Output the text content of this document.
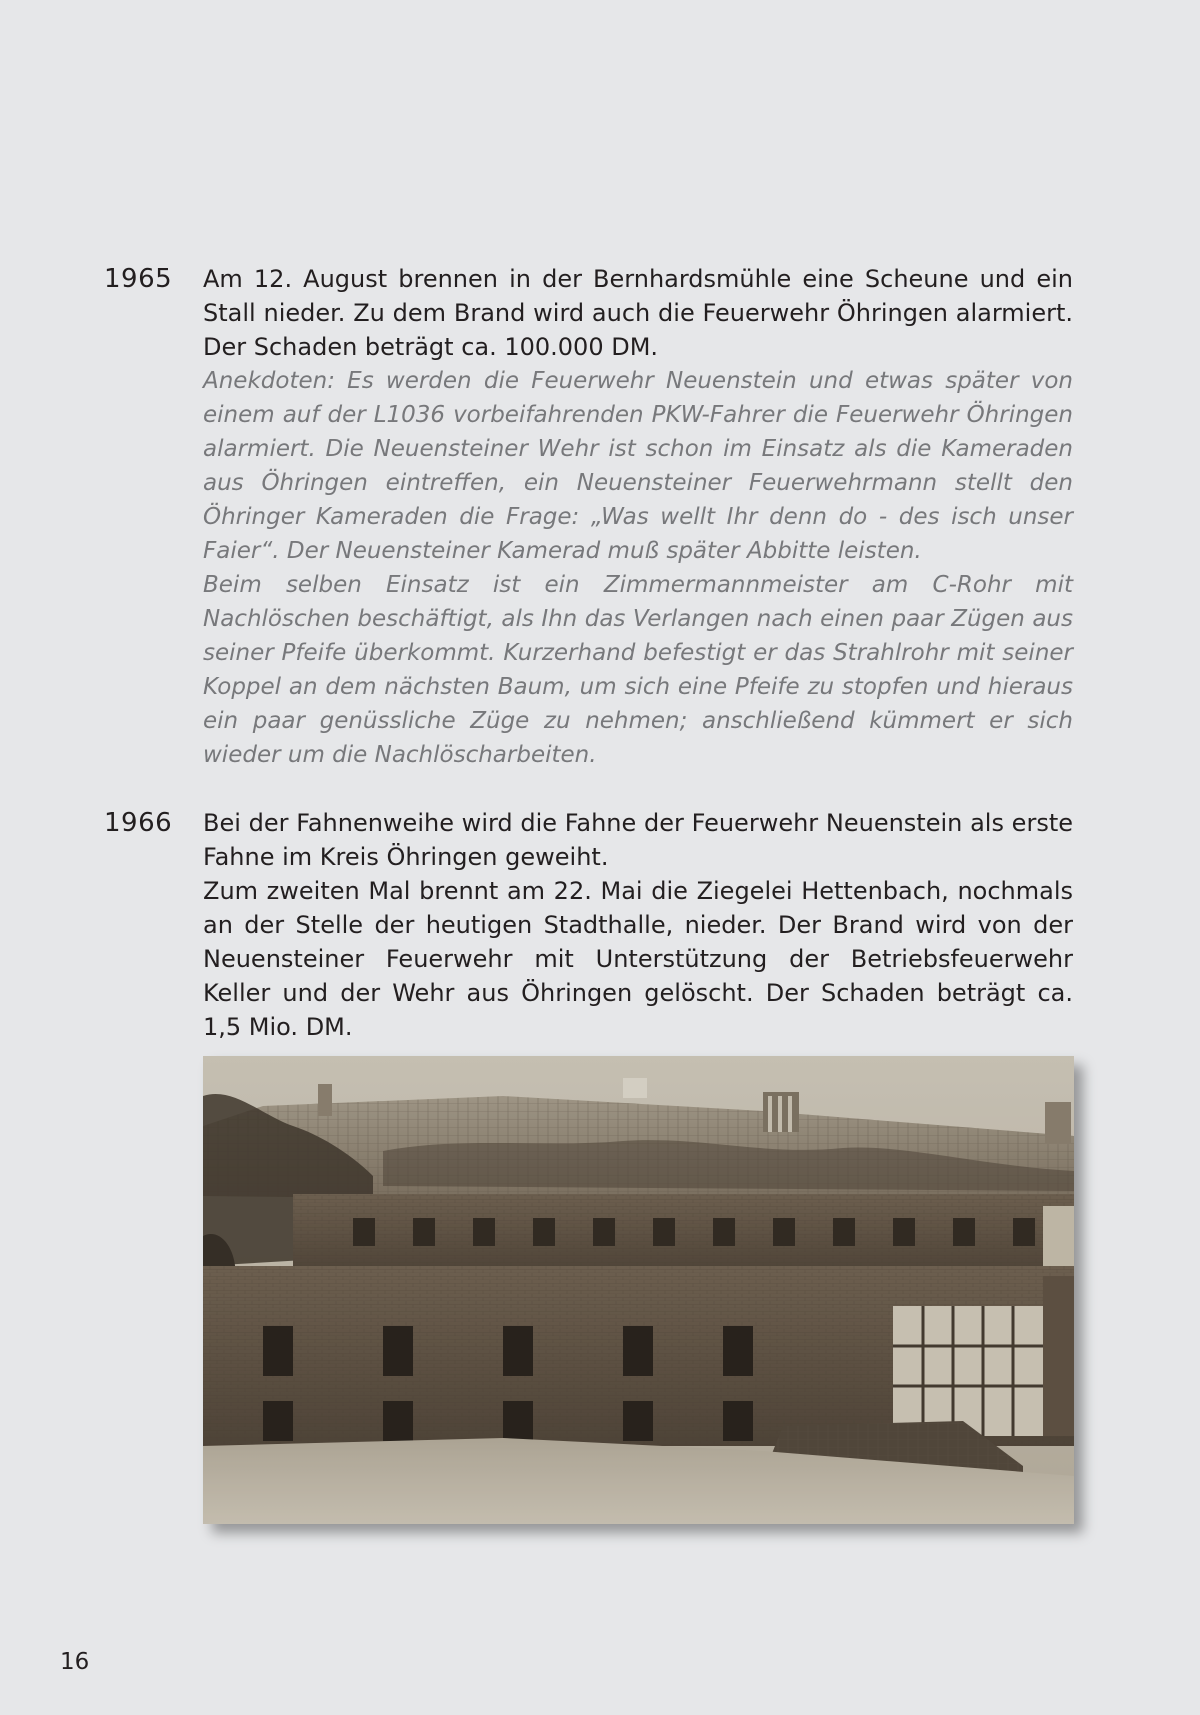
1965 Am 12. August brennen in der Bernhardsmühle eine Scheune und ein Stall nieder. Zu dem Brand wird auch die Feuerwehr Öhringen alarmiert. Der Schaden beträgt ca. 100.000 DM.

Anekdoten: Es werden die Feuerwehr Neuenstein und etwas später von einem auf der L1036 vorbeifahrenden PKW-Fahrer die Feuerwehr Öhringen alarmiert. Die Neuensteiner Wehr ist schon im Einsatz als die Kameraden aus Öhringen eintreffen, ein Neuensteiner Feuerwehrmann stellt den Öhringer Kameraden die Frage: „Was wellt Ihr denn do - des isch unser Faier“. Der Neuensteiner Kamerad muß später Abbitte leisten.

Beim selben Einsatz ist ein Zimmermannmeister am C-Rohr mit Nachlöschen beschäftigt, als Ihn das Verlangen nach einen paar Zügen aus seiner Pfeife überkommt. Kurzerhand befestigt er das Strahlrohr mit seiner Koppel an dem nächsten Baum, um sich eine Pfeife zu stopfen und hieraus ein paar genüssliche Züge zu nehmen; anschließend kümmert er sich wieder um die Nachlöscharbeiten.

1966 Bei der Fahnenweihe wird die Fahne der Feuerwehr Neuenstein als erste Fahne im Kreis Öhringen geweiht.

Zum zweiten Mal brennt am 22. Mai die Ziegelei Hettenbach, nochmals an der Stelle der heutigen Stadthalle, nieder. Der Brand wird von der Neuensteiner Feuerwehr mit Unterstützung der Betriebsfeuerwehr Keller und der Wehr aus Öhringen gelöscht. Der Schaden beträgt ca. 1,5 Mio. DM.

16
